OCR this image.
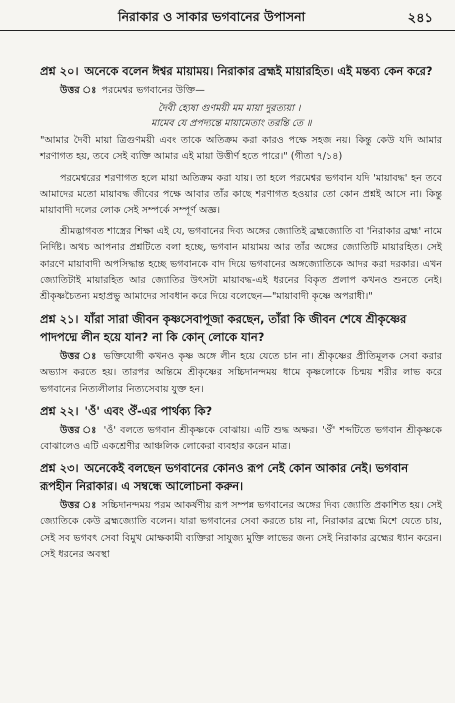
নিরাকার ও সাকার ভগবানের উপাসনা	২৪১

প্রশ্ন ২০। অনেকে বলেন ঈশ্বর মায়াময়। নিরাকার ব্রহ্মই মায়ারহিত। এই মন্তব্য কেন করে?

উত্তর ঃ পরমেশ্বর ভগবানের উক্তি—

দৈবী হ্যেষা গুণময়ী মম মায়া দুরত্যয়া ।

মামেব যে প্রপদ্যন্তে মায়ামেতাং তরন্তি তে ॥

"আমার দৈবী মায়া ত্রিগুণময়ী এবং তাকে অতিক্রম করা কারও পক্ষে সহজ নয়। কিন্তু কেউ যদি আমার শরণাগত হয়, তবে সেই ব্যক্তি আমার এই মায়া উত্তীর্ণ হতে পারে।" (গীতা ৭/১৪)

পরমেশ্বরের শরণাগত হলে মায়া অতিক্রম করা যায়। তা হলে পরমেশ্বর ভগবান যদি 'মায়াবদ্ধ' হন তবে আমাদের মতো মায়াবদ্ধ জীবের পক্ষে আবার তাঁর কাছে শরণাগত হওয়ার তো কোন প্রশ্নই আসে না। কিন্তু মায়াবাদী দলের লোক সেই সম্পর্কে সম্পূর্ণ অজ্ঞ।

শ্রীমদ্ভাগবত শাস্ত্রের শিক্ষা এই যে, ভগবানের দিব্য অঙ্গের জ্যোতিই ব্রহ্মজ্যোতি বা 'নিরাকার ব্রহ্ম' নামে নির্দিষ্ট। অথচ আপনার প্রশ্নটিতে বলা হচ্ছে, ভগবান মায়াময় আর তাঁর অঙ্গের জ্যোতিটি মায়ারহিত। সেই কারণে মায়াবাদী অপসিদ্ধান্ত হচ্ছে ভগবানকে বাদ দিয়ে ভগবানের অঙ্গজ্যোতিকে আদর করা দরকার। এখন জ্যোতিটাই মায়ারহিত আর জ্যোতির উৎসটা মায়াবদ্ধ-এই ধরনের বিকৃত প্রলাপ কখনও শুনতে নেই। শ্রীকৃষ্ণচৈতন্য মহাপ্রভু আমাদের সাবধান করে দিয়ে বলেছেন—"মায়াবাদী কৃষ্ণে অপরাধী।"

প্রশ্ন ২১। যাঁরা সারা জীবন কৃষ্ণসেবাপূজা করছেন, তাঁরা কি জীবন শেষে শ্রীকৃষ্ণের পাদপদ্মে লীন হয়ে যান? না কি কোন্ লোকে যান?

উত্তর ঃ ভক্তিযোগী কখনও কৃষ্ণ অঙ্গে লীন হয়ে যেতে চান না। শ্রীকৃষ্ণের প্রীতিমূলক সেবা করার অভ্যাস করতে হয়। তারপর অন্তিমে শ্রীকৃষ্ণের সচ্চিদানন্দময় ধামে কৃষ্ণলোকে চিন্ময় শরীর লাভ করে ভগবানের নিত্যলীলার নিত্যসেবায় যুক্ত হন।

প্রশ্ন ২২। 'ওঁ' এবং ঔঁ-এর পার্থক্য কি?

উত্তর ঃ 'ওঁ' বলতে ভগবান শ্রীকৃষ্ণকে বোঝায়। এটি শুদ্ধ অক্ষর। 'ঔঁ' শব্দটিতে ভগবান শ্রীকৃষ্ণকে বোঝালেও এটি একশ্রেণীর আঞ্চলিক লোকেরা ব্যবহার করেন মাত্র।

প্রশ্ন ২৩। অনেকেই বলছেন ভগবানের কোনও রূপ নেই কোন আকার নেই। ভগবান রূপহীন নিরাকার। এ সম্বন্ধে আলোচনা করুন।

উত্তর ঃ সচ্চিদানন্দময় পরম আকর্ষণীয় রূপ সম্পন্ন ভগবানের অঙ্গের দিব্য জ্যোতি প্রকাশিত হয়। সেই জ্যোতিকে কেউ ব্রহ্মজ্যোতি বলেন। যারা ভগবানের সেবা করতে চায় না, নিরাকার ব্রহ্মে মিশে যেতে চায়, সেই সব ভগবৎ সেবা বিমুখ মোক্ষকামী ব্যক্তিরা সাযুজ্য মুক্তি লাভের জন্য সেই নিরাকার ব্রহ্মের ধ্যান করেন। সেই ধরনের অবস্থা
